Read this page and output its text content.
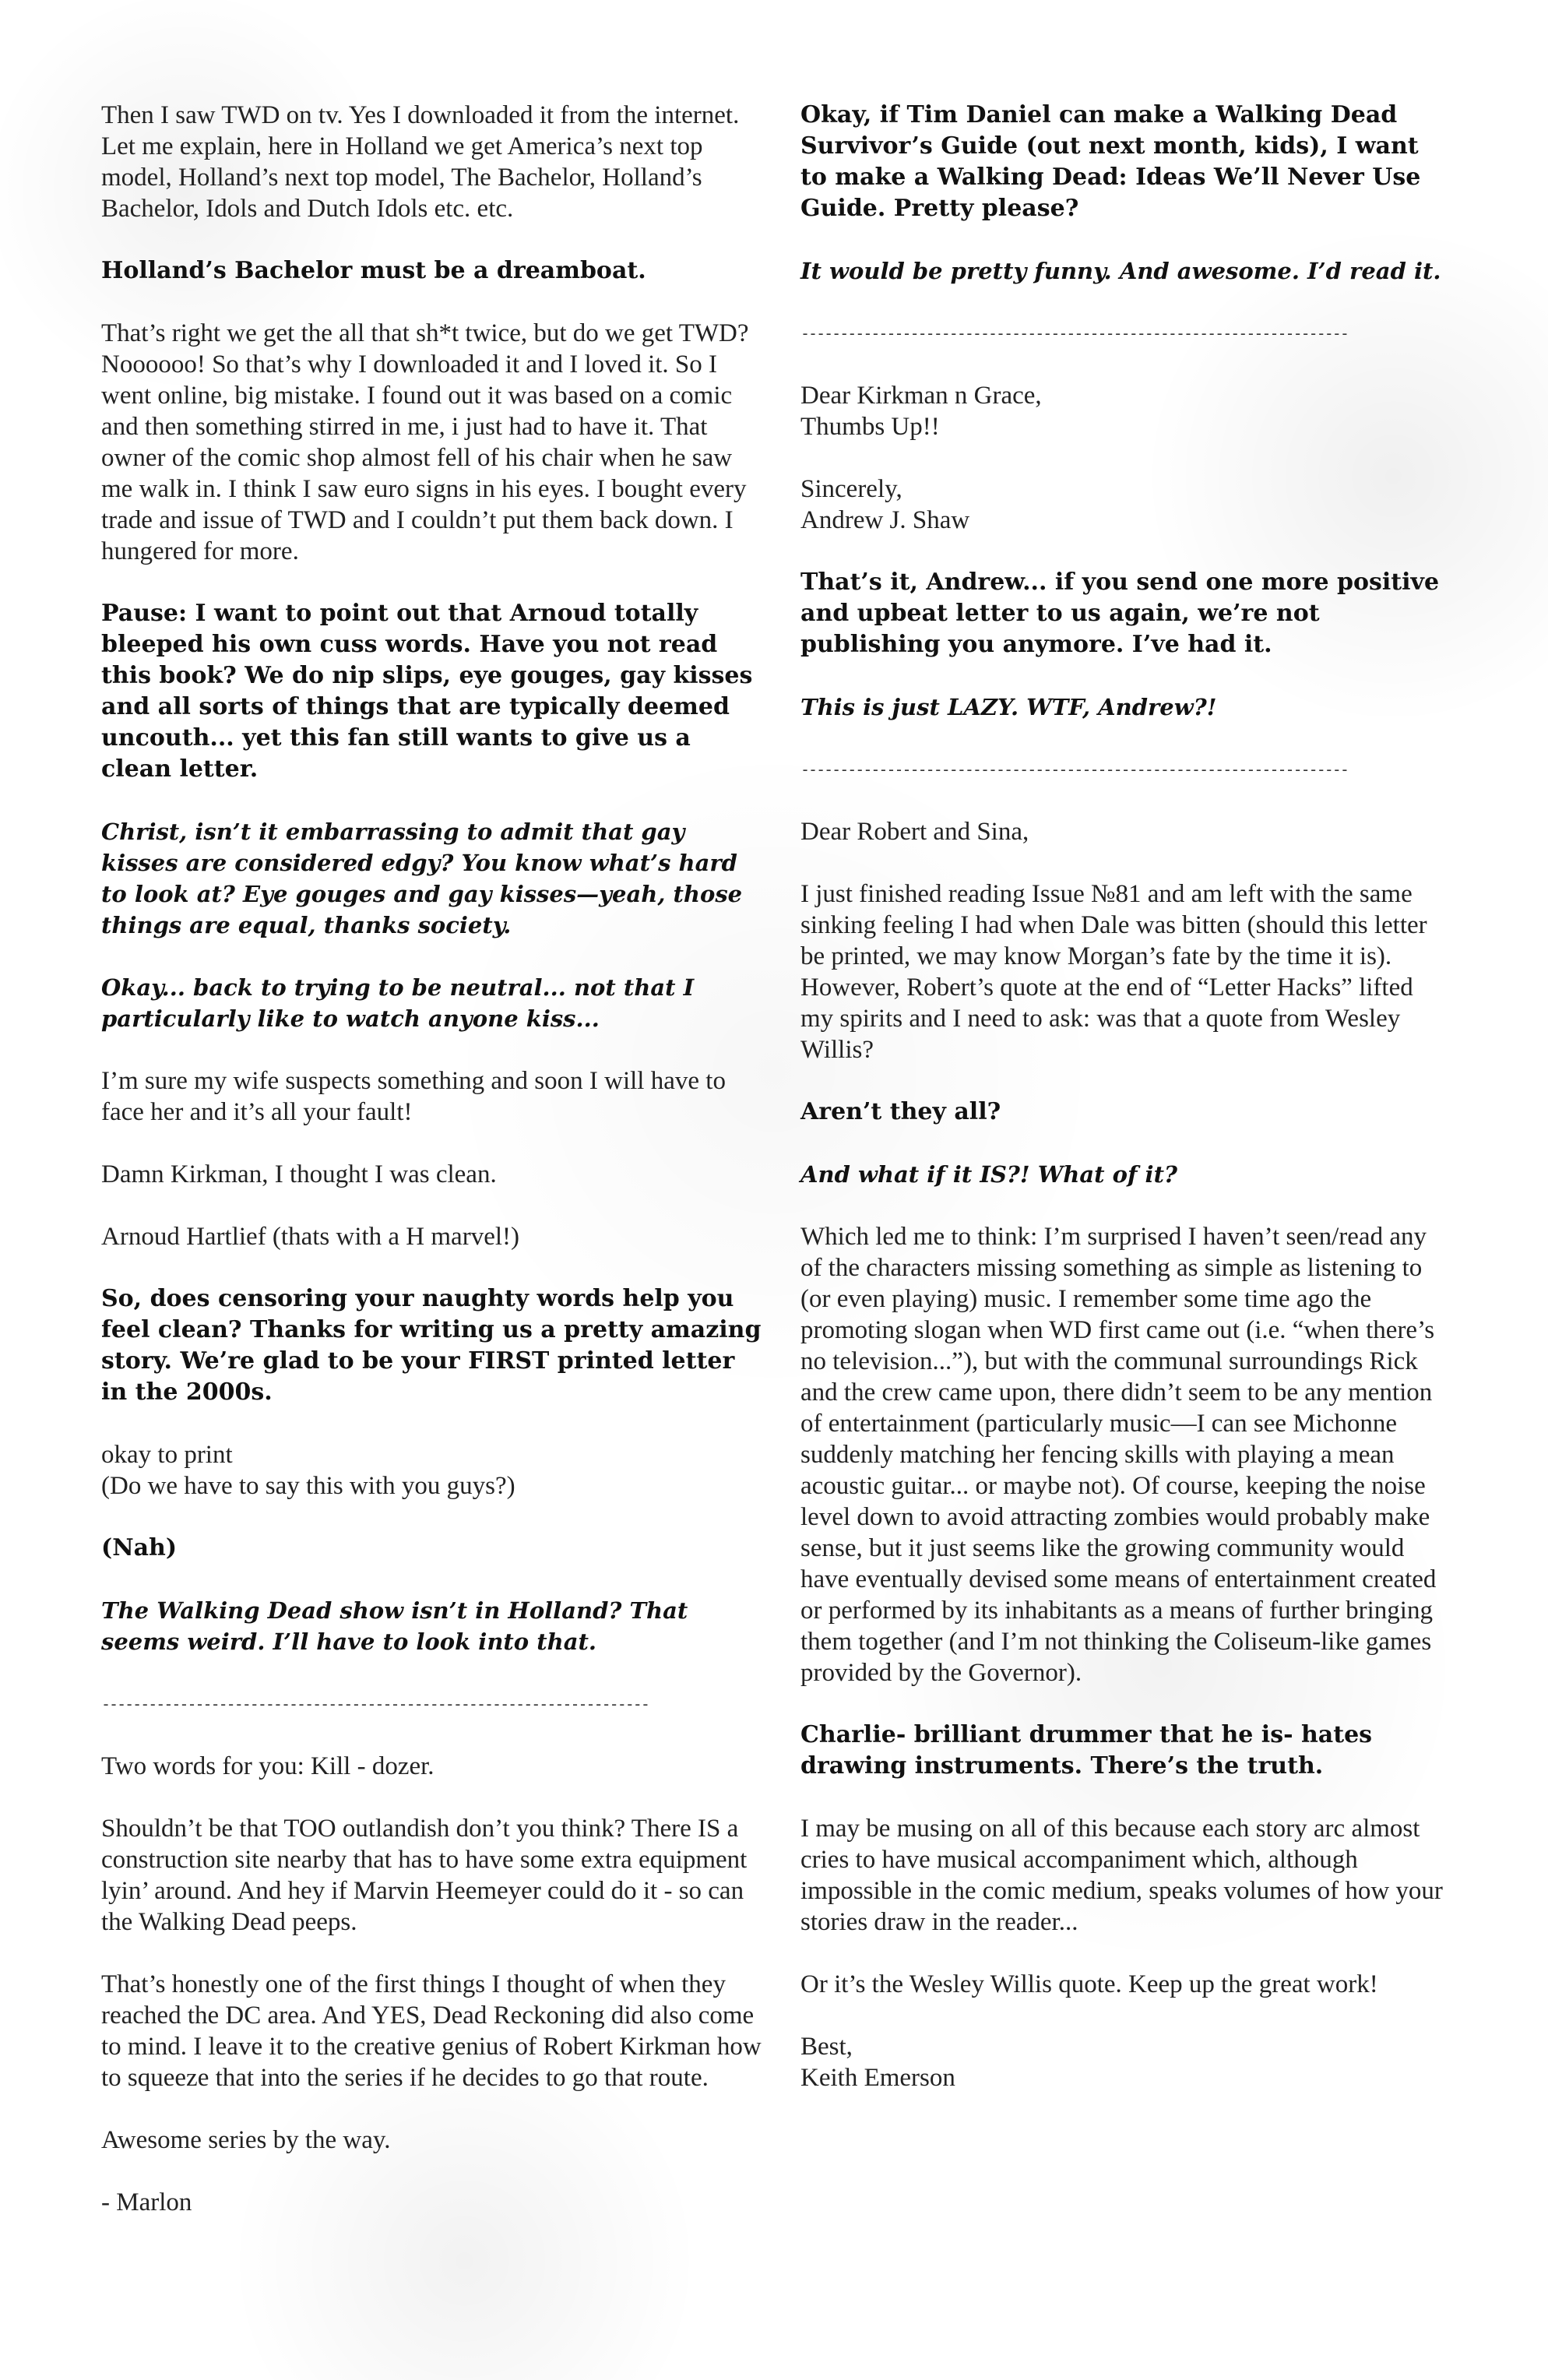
Then I saw TWD on tv. Yes I downloaded it from the internet. Let me explain, here in Holland we get America’s next top model, Holland’s next top model, The Bachelor, Holland’s Bachelor, Idols and Dutch Idols etc. etc.

Holland’s Bachelor must be a dreamboat.

That’s right we get the all that sh*t twice, but do we get TWD? Noooooo! So that’s why I downloaded it and I loved it. So I went online, big mistake. I found out it was based on a comic and then something stirred in me, i just had to have it. That owner of the comic shop almost fell of his chair when he saw me walk in. I think I saw euro signs in his eyes. I bought every trade and issue of TWD and I couldn’t put them back down. I hungered for more.

Pause: I want to point out that Arnoud totally bleeped his own cuss words. Have you not read this book? We do nip slips, eye gouges, gay kisses and all sorts of things that are typically deemed uncouth... yet this fan still wants to give us a clean letter.

Christ, isn’t it embarrassing to admit that gay kisses are considered edgy? You know what’s hard to look at? Eye gouges and gay kisses—yeah, those things are equal, thanks society.

Okay... back to trying to be neutral... not that I particularly like to watch anyone kiss...

I’m sure my wife suspects something and soon I will have to face her and it’s all your fault!

Damn Kirkman, I thought I was clean.

Arnoud Hartlief (thats with a H marvel!)

So, does censoring your naughty words help you feel clean? Thanks for writing us a pretty amazing story. We’re glad to be your FIRST printed letter in the 2000s.

okay to print
(Do we have to say this with you guys?)

(Nah)

The Walking Dead show isn’t in Holland? That seems weird. I’ll have to look into that.

----------------------------------------------------------------------

Two words for you: Kill - dozer.

Shouldn’t be that TOO outlandish don’t you think? There IS a construction site nearby that has to have some extra equipment lyin’ around. And hey if Marvin Heemeyer could do it - so can the Walking Dead peeps.

That’s honestly one of the first things I thought of when they reached the DC area. And YES, Dead Reckoning did also come to mind. I leave it to the creative genius of Robert Kirkman how to squeeze that into the series if he decides to go that route.

Awesome series by the way.

- Marlon

Okay, if Tim Daniel can make a Walking Dead Survivor’s Guide (out next month, kids), I want to make a Walking Dead: Ideas We’ll Never Use Guide. Pretty please?

It would be pretty funny. And awesome. I’d read it.

----------------------------------------------------------------------

Dear Kirkman n Grace,
Thumbs Up!!

Sincerely,
Andrew J. Shaw

That’s it, Andrew... if you send one more positive and upbeat letter to us again, we’re not publishing you anymore. I’ve had it.

This is just LAZY. WTF, Andrew?!

----------------------------------------------------------------------

Dear Robert and Sina,

I just finished reading Issue №81 and am left with the same sinking feeling I had when Dale was bitten (should this letter be printed, we may know Morgan’s fate by the time it is). However, Robert’s quote at the end of “Letter Hacks” lifted my spirits and I need to ask: was that a quote from Wesley Willis?

Aren’t they all?

And what if it IS?! What of it?

Which led me to think: I’m surprised I haven’t seen/read any of the characters missing something as simple as listening to (or even playing) music. I remember some time ago the promoting slogan when WD first came out (i.e. “when there’s no television...”), but with the communal surroundings Rick and the crew came upon, there didn’t seem to be any mention of entertainment (particularly music—I can see Michonne suddenly matching her fencing skills with playing a mean acoustic guitar... or maybe not). Of course, keeping the noise level down to avoid attracting zombies would probably make sense, but it just seems like the growing community would have eventually devised some means of entertainment created or performed by its inhabitants as a means of further bringing them together (and I’m not thinking the Coliseum-like games provided by the Governor).

Charlie- brilliant drummer that he is- hates drawing instruments. There’s the truth.

I may be musing on all of this because each story arc almost cries to have musical accompaniment which, although impossible in the comic medium, speaks volumes of how your stories draw in the reader...

Or it’s the Wesley Willis quote. Keep up the great work!

Best,
Keith Emerson
